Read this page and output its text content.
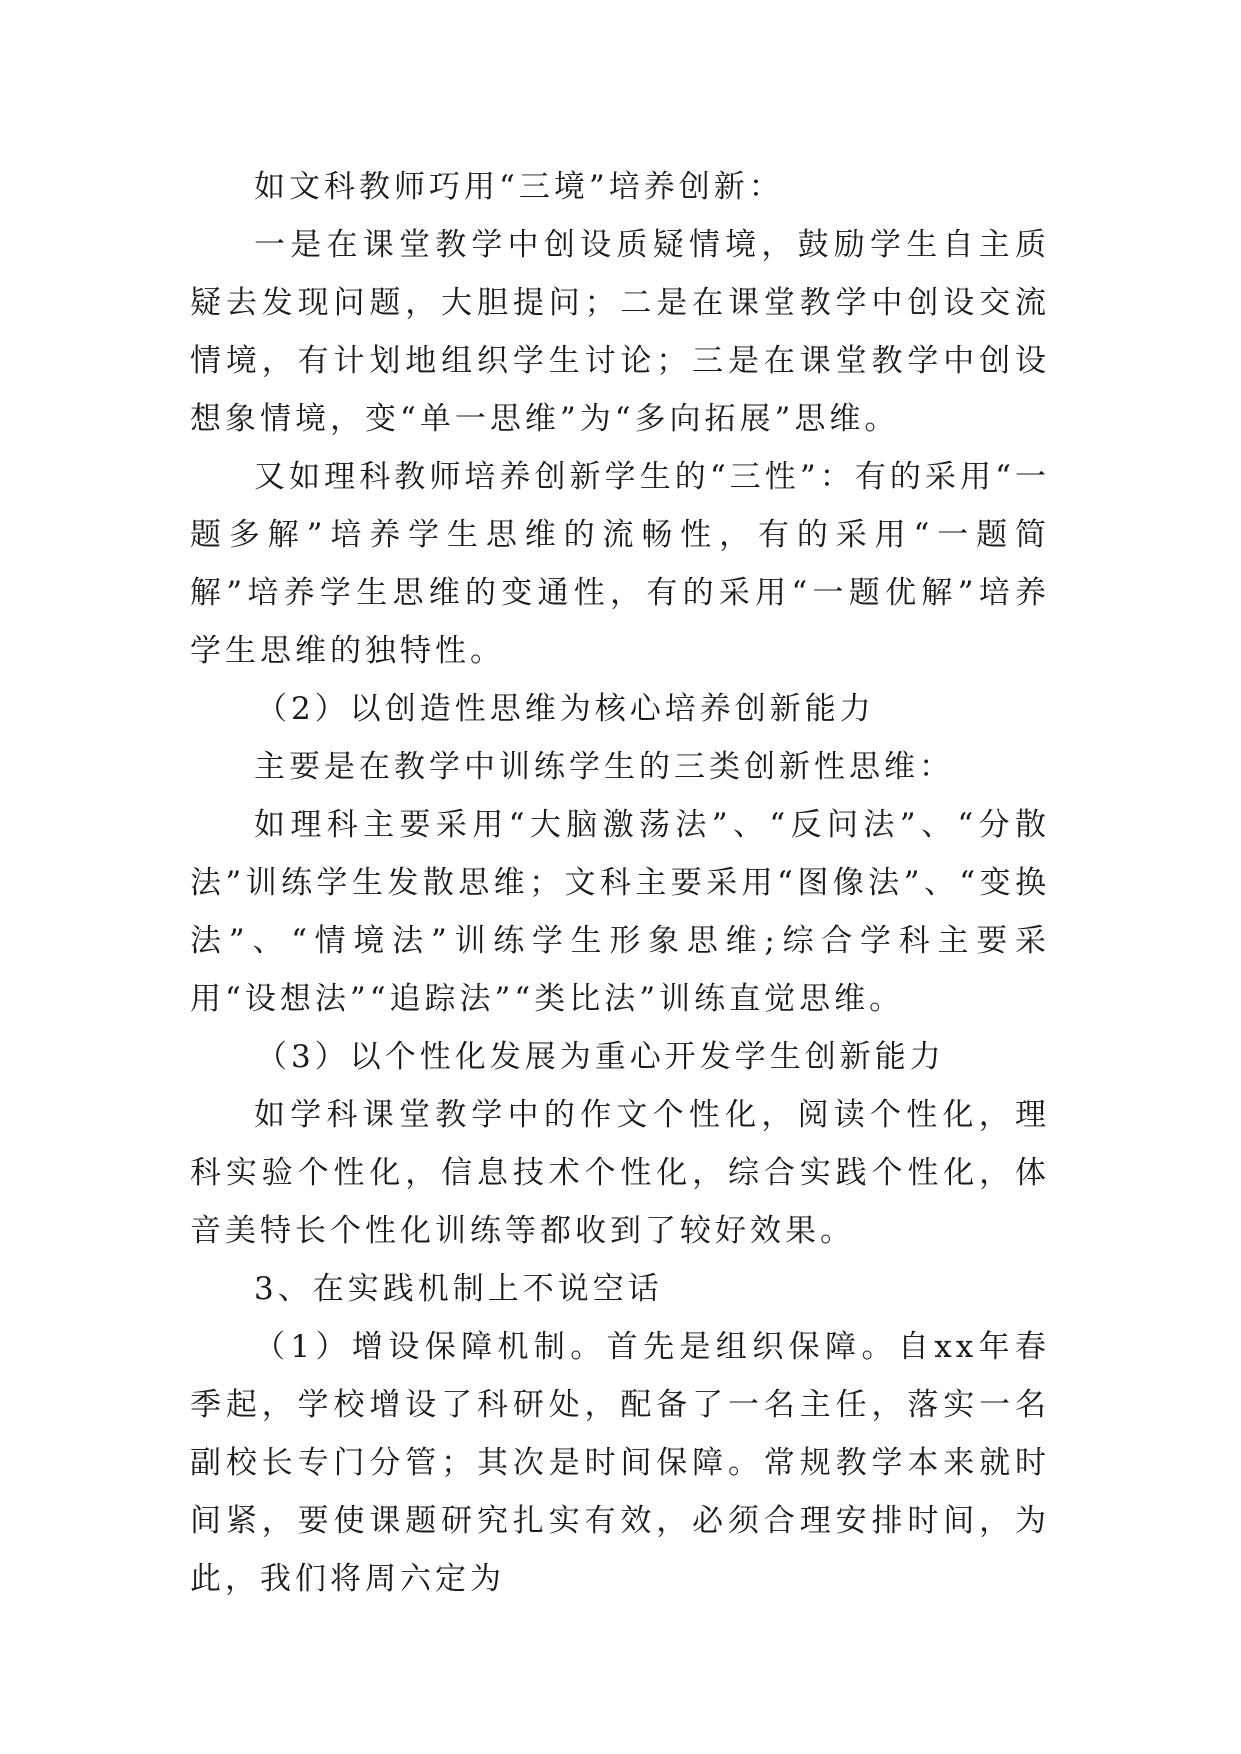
如文科教师巧用“三境”培养创新：

一是在课堂教学中创设质疑情境，鼓励学生自主质疑去发现问题，大胆提问；二是在课堂教学中创设交流情境，有计划地组织学生讨论；三是在课堂教学中创设想象情境，变“单一思维”为“多向拓展”思维。

又如理科教师培养创新学生的“三性”：有的采用“一题多解”培养学生思维的流畅性，有的采用“一题简解”培养学生思维的变通性，有的采用“一题优解”培养学生思维的独特性。

（2）以创造性思维为核心培养创新能力

主要是在教学中训练学生的三类创新性思维：

如理科主要采用“大脑激荡法”、“反问法”、“分散法”训练学生发散思维；文科主要采用“图像法”、“变换法”、“情境法”训练学生形象思维;综合学科主要采用“设想法”“追踪法”“类比法”训练直觉思维。

（3）以个性化发展为重心开发学生创新能力

如学科课堂教学中的作文个性化，阅读个性化，理科实验个性化，信息技术个性化，综合实践个性化，体音美特长个性化训练等都收到了较好效果。

3、在实践机制上不说空话

（1）增设保障机制。首先是组织保障。自xx年春季起，学校增设了科研处，配备了一名主任，落实一名副校长专门分管；其次是时间保障。常规教学本来就时间紧，要使课题研究扎实有效，必须合理安排时间，为此，我们将周六定为
